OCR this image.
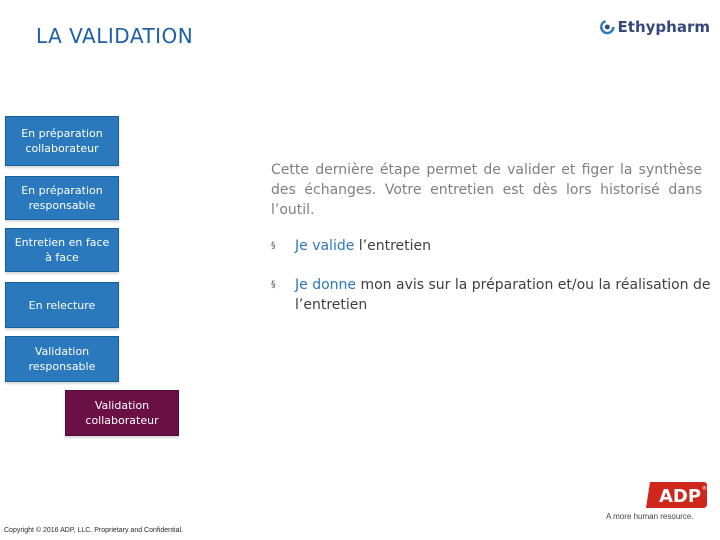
LA VALIDATION	Ethypharm
En préparation collaborateur
En préparation responsable
Entretien en face à face
En relecture
Validation responsable
Validation collaborateur
Cette dernière étape permet de valider et figer la synthèse des échanges. Votre entretien est dès lors historisé dans l’outil.
§	Je valide l’entretien
§	Je donne mon avis sur la préparation et/ou la réalisation de l’entretien
Copyright © 2016 ADP, LLC. Proprietary and Confidential.
ADP ®
A more human resource.
